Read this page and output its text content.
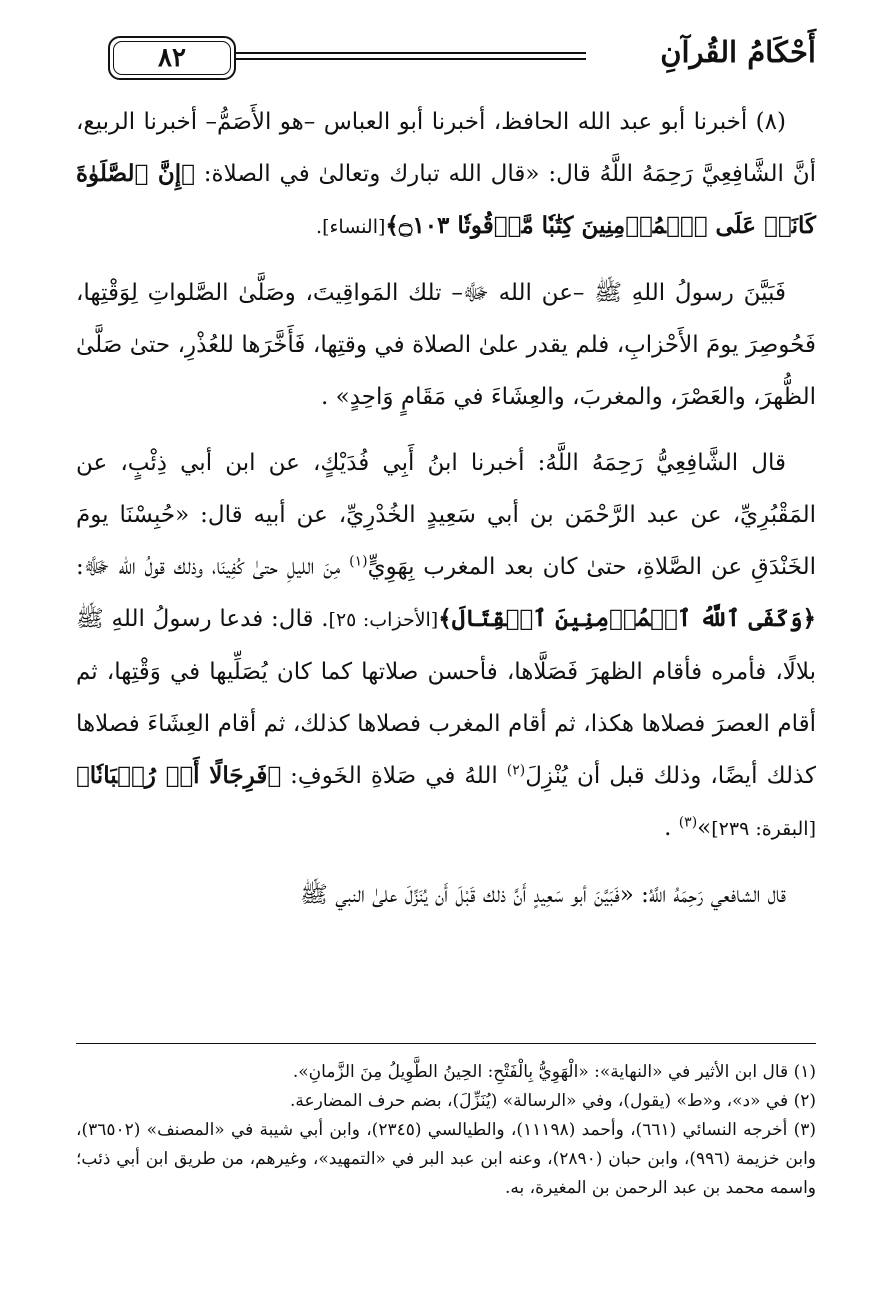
أَحْكَامُ القُرآنِ
٨٢

(٨) أخبرنا أبو عبد الله الحافظ، أخبرنا أبو العباس –هو الأَصَمُّ– أخبرنا الربيع، أنَّ الشَّافِعِيَّ رَحِمَهُ اللَّهُ قال: «قال الله تبارك وتعالىٰ في الصلاة: ﴿إِنَّ ٱلصَّلَوٰةَ كَانَتۡ عَلَى ٱلۡمُؤۡمِنِينَ كِتَٰبٗا مَّوۡقُوتٗا ۝١٠٣﴾[النساء].

فَبَيَّنَ رسولُ اللهِ ﷺ –عن الله ﷻ– تلك المَواقِيتَ، وصَلَّىٰ الصَّلواتِ لِوَقْتِها، فَحُوصِرَ يومَ الأَحْزابِ، فلم يقدر علىٰ الصلاة في وقتِها، فَأَخَّرَها للعُذْرِ، حتىٰ صَلَّىٰ الظُّهرَ، والعَصْرَ، والمغربَ، والعِشَاءَ في مَقَامٍ وَاحِدٍ» .

قال الشَّافِعِيُّ رَحِمَهُ اللَّهُ: أخبرنا ابنُ أَبِي فُدَيْكٍ، عن ابن أبي ذِئْبٍ، عن المَقْبُرِيِّ، عن عبد الرَّحْمَن بن أبي سَعِيدٍ الخُدْرِيِّ، عن أبيه قال: «حُبِسْنَا يومَ الخَنْدَقِ عن الصَّلاةِ، حتىٰ كان بعد المغرب بِهَوِيٍّ$^{(١)}$ مِنَ الليلِ حتىٰ كُفِينَا، وذلك قولُ الله ﷻ: ﴿وَكَفَى ٱللَّهُ ٱلۡمُؤۡمِنِينَ ٱلۡقِتَالَ﴾[الأحزاب: ٢٥]. قال: فدعا رسولُ اللهِ ﷺ بلالًا، فأمره فأقام الظهرَ فَصَلَّاها، فأحسن صلاتها كما كان يُصَلِّيها في وَقْتِها، ثم أقام العصرَ فصلاها هكذا، ثم أقام المغرب فصلاها كذلك، ثم أقام العِشَاءَ فصلاها كذلك أيضًا، وذلك قبل أن يُنْزِلَ$^{(٢)}$ اللهُ في صَلاةِ الخَوفِ: ﴿فَرِجَالًا أَوۡ رُكۡبَانٗا﴾[البقرة: ٢٣٩]»$^{(٣)}$ .

قال الشافعي رَحِمَهُ اللَّهُ: «فَبَيَّنَ أبو سَعِيدٍ أَنَّ ذلك قَبْلَ أَن يُنَزِّلَ علىٰ النبي ﷺ

(١) قال ابن الأثير في «النهاية»: «الْهَوِيُّ بِالْفَتْحِ: الحِينُ الطَّوِيلُ مِنَ الزَّمانِ».

(٢) في «د»، و«ط» (يقول)، وفي «الرسالة» (يُنَزِّلَ)، بضم حرف المضارعة.

(٣) أخرجه النسائي (٦٦١)، وأحمد (١١١٩٨)، والطيالسي (٢٣٤٥)، وابن أبي شيبة في «المصنف» (٣٦٥٠٢)، وابن خزيمة (٩٩٦)، وابن حبان (٢٨٩٠)، وعنه ابن عبد البر في «التمهيد»، وغيرهم، من طريق ابن أبي ذئب؛ واسمه محمد بن عبد الرحمن بن المغيرة، به.
